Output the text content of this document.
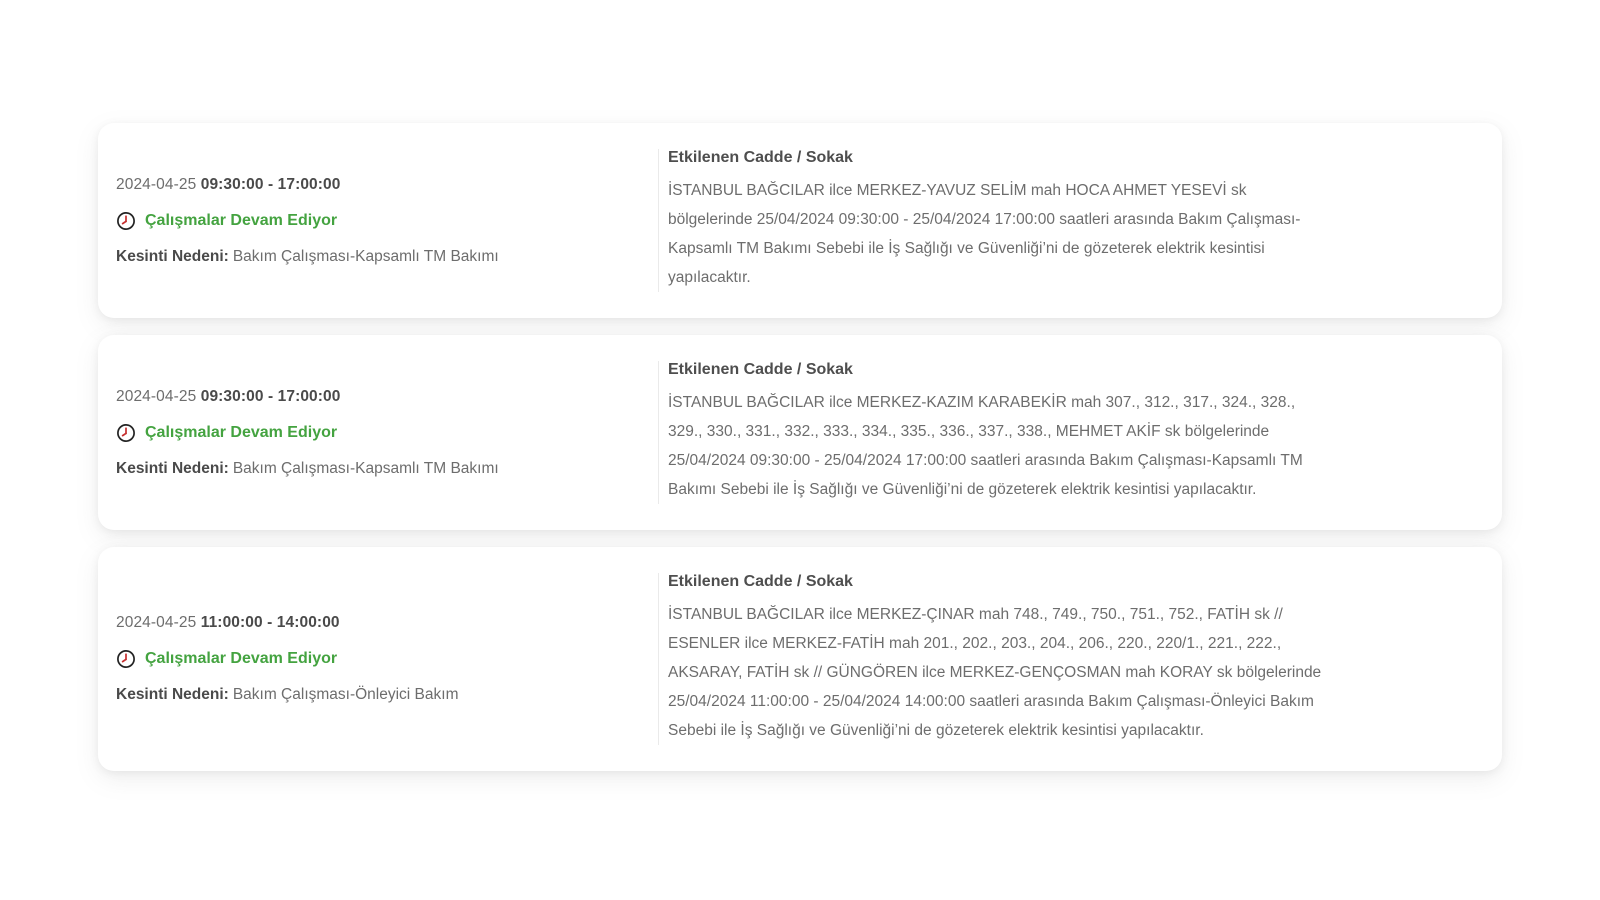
2024-04-25 09:30:00 - 17:00:00
Çalışmalar Devam Ediyor
Kesinti Nedeni: Bakım Çalışması-Kapsamlı TM Bakımı
Etkilenen Cadde / Sokak

İSTANBUL BAĞCILAR ilce MERKEZ-YAVUZ SELİM mah HOCA AHMET YESEVİ sk bölgelerinde 25/04/2024 09:30:00 - 25/04/2024 17:00:00 saatleri arasında Bakım Çalışması-Kapsamlı TM Bakımı Sebebi ile İş Sağlığı ve Güvenliği’ni de gözeterek elektrik kesintisi yapılacaktır.

2024-04-25 09:30:00 - 17:00:00
Çalışmalar Devam Ediyor
Kesinti Nedeni: Bakım Çalışması-Kapsamlı TM Bakımı
Etkilenen Cadde / Sokak

İSTANBUL BAĞCILAR ilce MERKEZ-KAZIM KARABEKİR mah 307., 312., 317., 324., 328., 329., 330., 331., 332., 333., 334., 335., 336., 337., 338., MEHMET AKİF sk bölgelerinde 25/04/2024 09:30:00 - 25/04/2024 17:00:00 saatleri arasında Bakım Çalışması-Kapsamlı TM Bakımı Sebebi ile İş Sağlığı ve Güvenliği’ni de gözeterek elektrik kesintisi yapılacaktır.

2024-04-25 11:00:00 - 14:00:00
Çalışmalar Devam Ediyor
Kesinti Nedeni: Bakım Çalışması-Önleyici Bakım
Etkilenen Cadde / Sokak

İSTANBUL BAĞCILAR ilce MERKEZ-ÇINAR mah 748., 749., 750., 751., 752., FATİH sk // ESENLER ilce MERKEZ-FATİH mah 201., 202., 203., 204., 206., 220., 220/1., 221., 222., AKSARAY, FATİH sk // GÜNGÖREN ilce MERKEZ-GENÇOSMAN mah KORAY sk bölgelerinde 25/04/2024 11:00:00 - 25/04/2024 14:00:00 saatleri arasında Bakım Çalışması-Önleyici Bakım Sebebi ile İş Sağlığı ve Güvenliği’ni de gözeterek elektrik kesintisi yapılacaktır.
